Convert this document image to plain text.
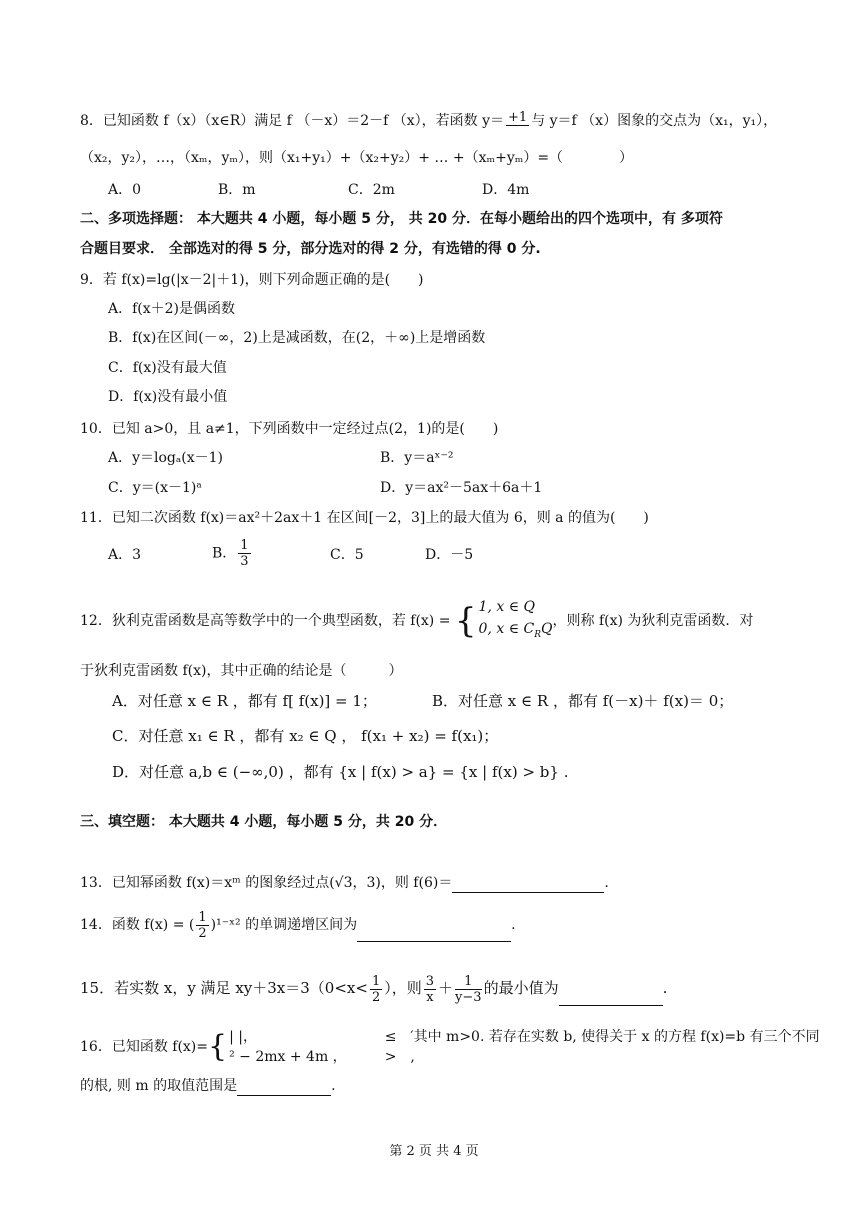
8．已知函数 f（x）（x∈R）满足 f （－x）＝2－f （x），若函数 y＝ +1 与 y＝f （x）图象的交点为（x₁，y₁），
（x₂，y₂），…，（xₘ，yₘ），则（x₁+y₁）+（x₂+y₂）+ … +（xₘ+yₘ）=（　　　　）
A．0	B．m	C．2m	D．4m
二、多项选择题： 本大题共 4 小题，每小题 5 分， 共 20 分．在每小题给出的四个选项中，有 多项符
合题目要求． 全部选对的得 5 分，部分选对的得 2 分，有选错的得 0 分.
9．若 f(x)=lg(|x－2|＋1)，则下列命题正确的是(　　)
A．f(x＋2)是偶函数
B．f(x)在区间(－∞，2)上是减函数，在(2，＋∞)上是增函数
C．f(x)没有最大值
D．f(x)没有最小值
10．已知 a>0，且 a≠1，下列函数中一定经过点(2，1)的是(　　)
A．y＝logₐ(x－1)	B．y＝aˣ⁻²
C．y＝(x－1)ᵃ	D．y＝ax²－5ax＋6a＋1
11．已知二次函数 f(x)＝ax²＋2ax＋1 在区间[－2，3]上的最大值为 6，则 a 的值为(　　)
A．3	B． $\frac{1}{3}$	C．5	D．－5
12．狄利克雷函数是高等数学中的一个典型函数，若 f(x) = { 1, x ∈ Q
0, x ∈ $C_RQ$
，则称 f(x) 为狄利克雷函数．对
于狄利克雷函数 f(x)，其中正确的结论是（　　　）
A．对任意 x ∈ R ，都有 f[ f(x)] = 1；	B．对任意 x ∈ R ，都有 f(－x)＋ f(x)＝ 0；
C．对任意 x₁ ∈ R ，都有 x₂ ∈ Q ， f(x₁ + x₂) = f(x₁)；
D．对任意 a,b ∈ (−∞,0) ，都有 {x | f(x) > a} = {x | f(x) > b} .
三、填空题： 本大题共 4 小题，每小题 5 分，共 20 分．
13．已知幂函数 f(x)＝xᵐ 的图象经过点(√3，3)，则 f(6)＝	.
14．函数 f(x) = ( $\frac{1}{2}$ )¹⁻ˣ² 的单调递增区间为	.
15．若实数 x，y 满足 $xy+3x=3(0<x< \frac{1}{2}$ ），则 $\frac{3}{x} + \frac{1}{y-3}$ 的最小值为	.
16．已知函数 f(x)={ | |，
² − 2mx + 4m ，
≤
>
′其中 m>0. 若存在实数 b, 使得关于 x 的方程 f(x)=b 有三个不同
,
的根, 则 m 的取值范围是	.
第 2 页 共 4 页
